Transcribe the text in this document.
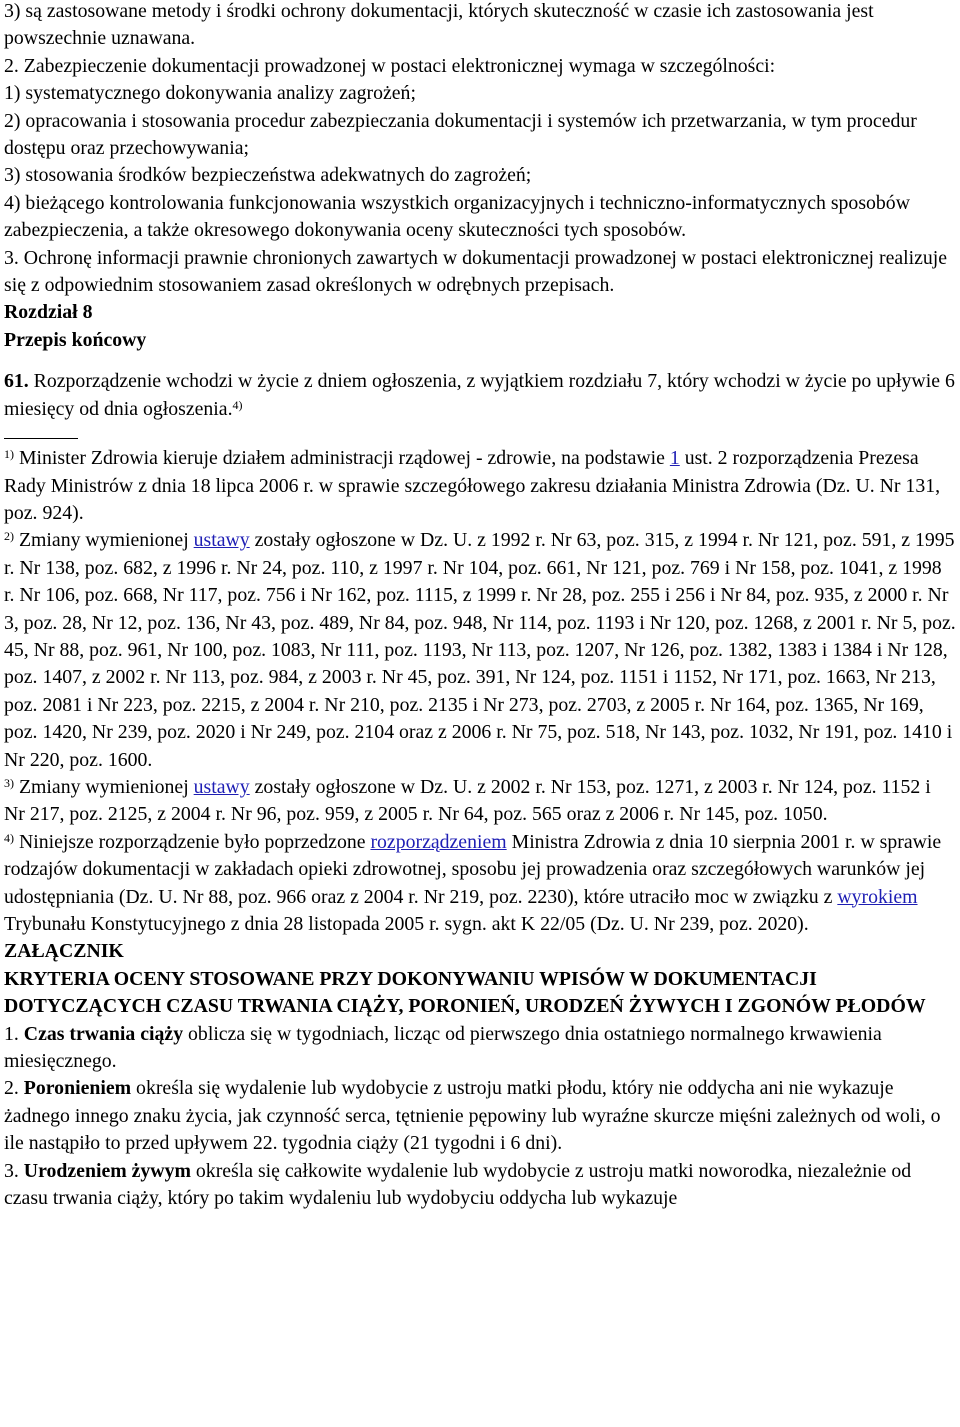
3) są zastosowane metody i środki ochrony dokumentacji, których skuteczność w czasie ich zastosowania jest powszechnie uznawana.

2. Zabezpieczenie dokumentacji prowadzonej w postaci elektronicznej wymaga w szczególności:

1) systematycznego dokonywania analizy zagrożeń;

2) opracowania i stosowania procedur zabezpieczania dokumentacji i systemów ich przetwarzania, w tym procedur dostępu oraz przechowywania;

3) stosowania środków bezpieczeństwa adekwatnych do zagrożeń;

4) bieżącego kontrolowania funkcjonowania wszystkich organizacyjnych i techniczno-informatycznych sposobów zabezpieczenia, a także okresowego dokonywania oceny skuteczności tych sposobów.

3. Ochronę informacji prawnie chronionych zawartych w dokumentacji prowadzonej w postaci elektronicznej realizuje się z odpowiednim stosowaniem zasad określonych w odrębnych przepisach.

Rozdział 8

Przepis końcowy

61. Rozporządzenie wchodzi w życie z dniem ogłoszenia, z wyjątkiem rozdziału 7, który wchodzi w życie po upływie 6 miesięcy od dnia ogłoszenia.$^{4)}$

$^{1)}$ Minister Zdrowia kieruje działem administracji rządowej - zdrowie, na podstawie 1 ust. 2 rozporządzenia Prezesa Rady Ministrów z dnia 18 lipca 2006 r. w sprawie szczegółowego zakresu działania Ministra Zdrowia (Dz. U. Nr 131, poz. 924).

$^{2)}$ Zmiany wymienionej ustawy zostały ogłoszone w Dz. U. z 1992 r. Nr 63, poz. 315, z 1994 r. Nr 121, poz. 591, z 1995 r. Nr 138, poz. 682, z 1996 r. Nr 24, poz. 110, z 1997 r. Nr 104, poz. 661, Nr 121, poz. 769 i Nr 158, poz. 1041, z 1998 r. Nr 106, poz. 668, Nr 117, poz. 756 i Nr 162, poz. 1115, z 1999 r. Nr 28, poz. 255 i 256 i Nr 84, poz. 935, z 2000 r. Nr 3, poz. 28, Nr 12, poz. 136, Nr 43, poz. 489, Nr 84, poz. 948, Nr 114, poz. 1193 i Nr 120, poz. 1268, z 2001 r. Nr 5, poz. 45, Nr 88, poz. 961, Nr 100, poz. 1083, Nr 111, poz. 1193, Nr 113, poz. 1207, Nr 126, poz. 1382, 1383 i 1384 i Nr 128, poz. 1407, z 2002 r. Nr 113, poz. 984, z 2003 r. Nr 45, poz. 391, Nr 124, poz. 1151 i 1152, Nr 171, poz. 1663, Nr 213, poz. 2081 i Nr 223, poz. 2215, z 2004 r. Nr 210, poz. 2135 i Nr 273, poz. 2703, z 2005 r. Nr 164, poz. 1365, Nr 169, poz. 1420, Nr 239, poz. 2020 i Nr 249, poz. 2104 oraz z 2006 r. Nr 75, poz. 518, Nr 143, poz. 1032, Nr 191, poz. 1410 i Nr 220, poz. 1600.

$^{3)}$ Zmiany wymienionej ustawy zostały ogłoszone w Dz. U. z 2002 r. Nr 153, poz. 1271, z 2003 r. Nr 124, poz. 1152 i Nr 217, poz. 2125, z 2004 r. Nr 96, poz. 959, z 2005 r. Nr 64, poz. 565 oraz z 2006 r. Nr 145, poz. 1050.

$^{4)}$ Niniejsze rozporządzenie było poprzedzone rozporządzeniem Ministra Zdrowia z dnia 10 sierpnia 2001 r. w sprawie rodzajów dokumentacji w zakładach opieki zdrowotnej, sposobu jej prowadzenia oraz szczegółowych warunków jej udostępniania (Dz. U. Nr 88, poz. 966 oraz z 2004 r. Nr 219, poz. 2230), które utraciło moc w związku z wyrokiem Trybunału Konstytucyjnego z dnia 28 listopada 2005 r. sygn. akt K 22/05 (Dz. U. Nr 239, poz. 2020).

ZAŁĄCZNIK

KRYTERIA OCENY STOSOWANE PRZY DOKONYWANIU WPISÓW W DOKUMENTACJI DOTYCZĄCYCH CZASU TRWANIA CIĄŻY, PORONIEŃ, URODZEŃ ŻYWYCH I ZGONÓW PŁODÓW

1. Czas trwania ciąży oblicza się w tygodniach, licząc od pierwszego dnia ostatniego normalnego krwawienia miesięcznego.

2. Poronieniem określa się wydalenie lub wydobycie z ustroju matki płodu, który nie oddycha ani nie wykazuje żadnego innego znaku życia, jak czynność serca, tętnienie pępowiny lub wyraźne skurcze mięśni zależnych od woli, o ile nastąpiło to przed upływem 22. tygodnia ciąży (21 tygodni i 6 dni).

3. Urodzeniem żywym określa się całkowite wydalenie lub wydobycie z ustroju matki noworodka, niezależnie od czasu trwania ciąży, który po takim wydaleniu lub wydobyciu oddycha lub wykazuje
